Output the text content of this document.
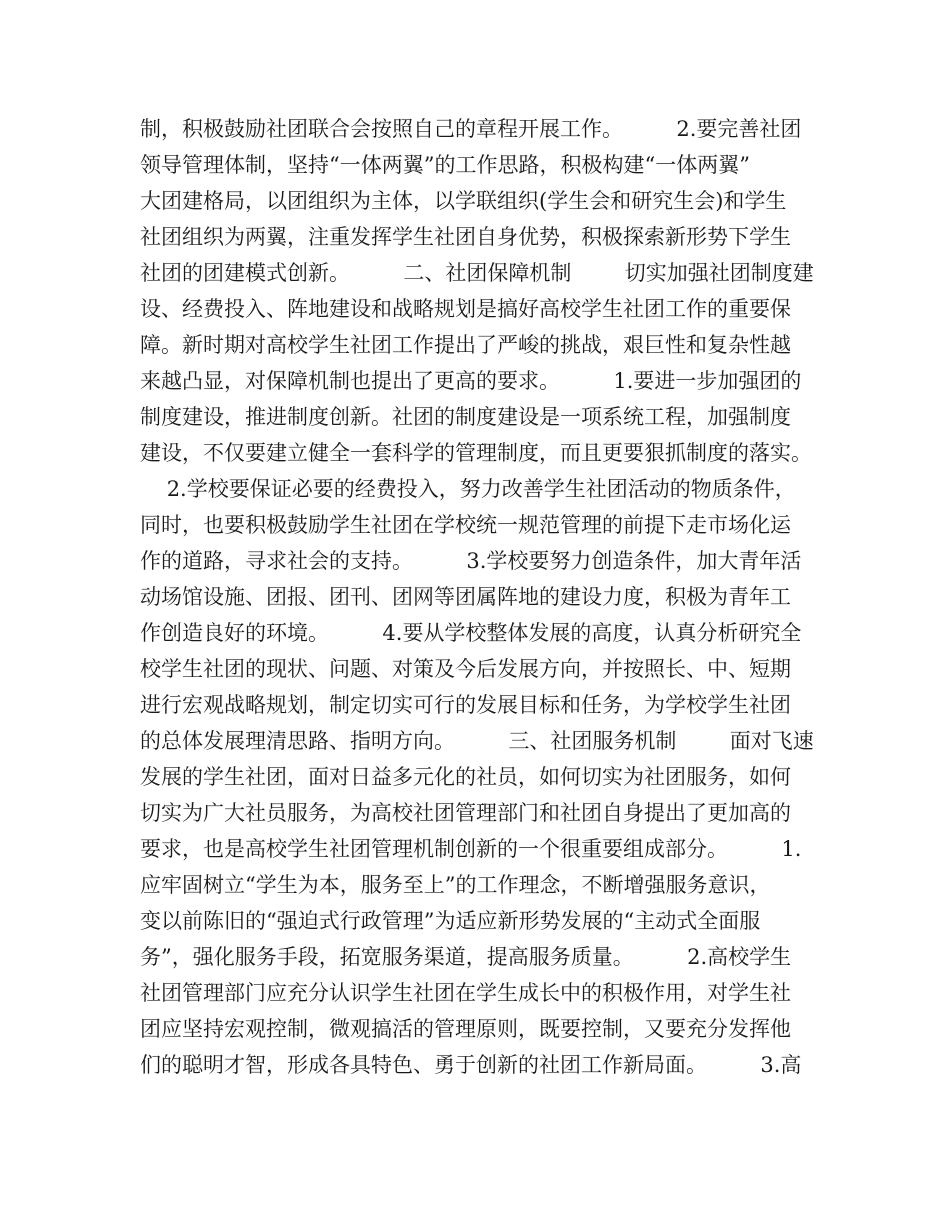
制，积极鼓励社团联合会按照自己的章程开展工作。        2.要完善社团
领导管理体制，坚持“一体两翼”的工作思路，积极构建“一体两翼”
大团建格局，以团组织为主体，以学联组织(学生会和研究生会)和学生
社团组织为两翼，注重发挥学生社团自身优势，积极探索新形势下学生
社团的团建模式创新。        二、社团保障机制        切实加强社团制度建
设、经费投入、阵地建设和战略规划是搞好高校学生社团工作的重要保
障。新时期对高校学生社团工作提出了严峻的挑战，艰巨性和复杂性越
来越凸显，对保障机制也提出了更高的要求。        1.要进一步加强团的
制度建设，推进制度创新。社团的制度建设是一项系统工程，加强制度
建设，不仅要建立健全一套科学的管理制度，而且更要狠抓制度的落实。
2.学校要保证必要的经费投入，努力改善学生社团活动的物质条件，
同时，也要积极鼓励学生社团在学校统一规范管理的前提下走市场化运
作的道路，寻求社会的支持。        3.学校要努力创造条件，加大青年活
动场馆设施、团报、团刊、团网等团属阵地的建设力度，积极为青年工
作创造良好的环境。        4.要从学校整体发展的高度，认真分析研究全
校学生社团的现状、问题、对策及今后发展方向，并按照长、中、短期
进行宏观战略规划，制定切实可行的发展目标和任务，为学校学生社团
的总体发展理清思路、指明方向。        三、社团服务机制        面对飞速
发展的学生社团，面对日益多元化的社员，如何切实为社团服务，如何
切实为广大社员服务，为高校社团管理部门和社团自身提出了更加高的
要求，也是高校学生社团管理机制创新的一个很重要组成部分。        1.
应牢固树立“学生为本，服务至上”的工作理念，不断增强服务意识，
变以前陈旧的“强迫式行政管理”为适应新形势发展的“主动式全面服
务”，强化服务手段，拓宽服务渠道，提高服务质量。        2.高校学生
社团管理部门应充分认识学生社团在学生成长中的积极作用，对学生社
团应坚持宏观控制，微观搞活的管理原则，既要控制，又要充分发挥他
们的聪明才智，形成各具特色、勇于创新的社团工作新局面。        3.高
